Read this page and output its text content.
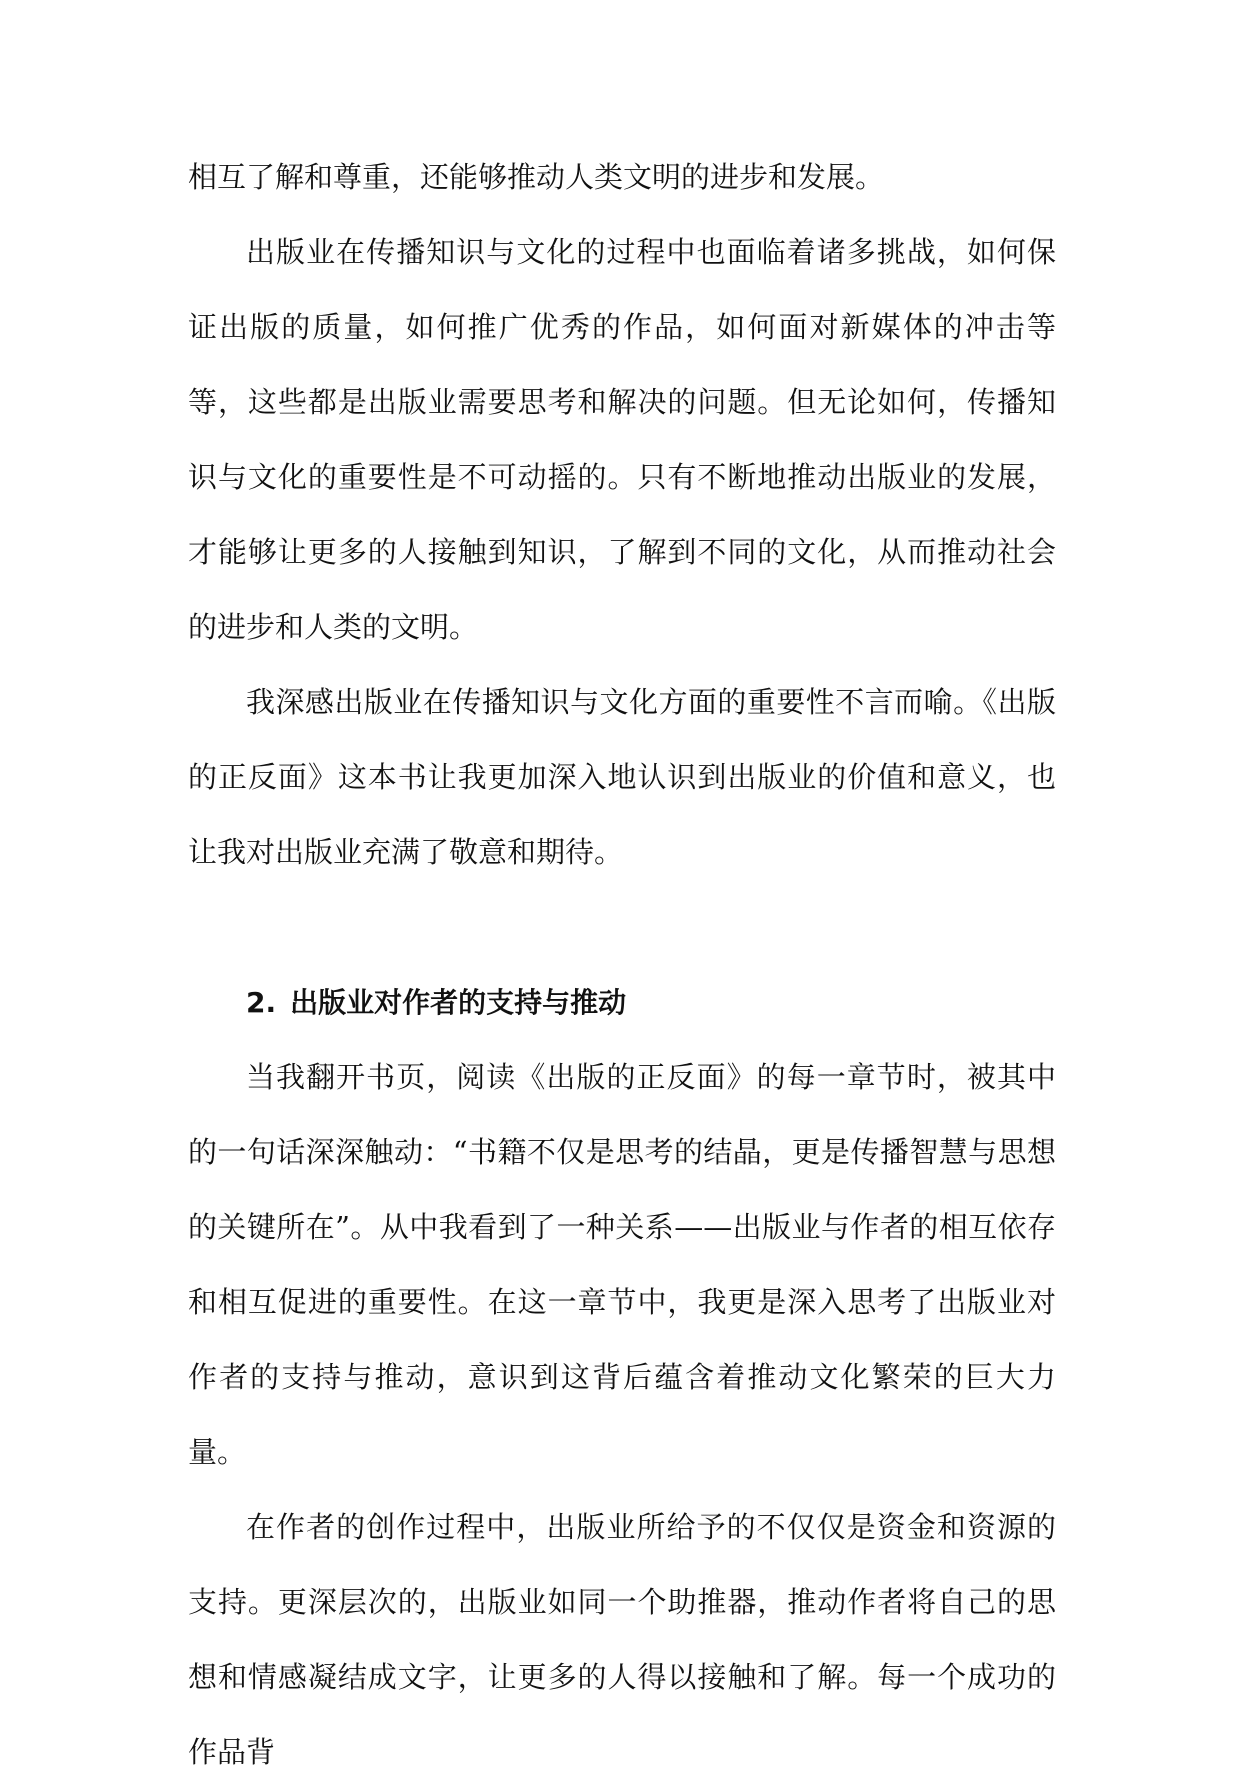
相互了解和尊重，还能够推动人类文明的进步和发展。

出版业在传播知识与文化的过程中也面临着诸多挑战，如何保证出版的质量，如何推广优秀的作品，如何面对新媒体的冲击等等，这些都是出版业需要思考和解决的问题。但无论如何，传播知识与文化的重要性是不可动摇的。只有不断地推动出版业的发展，才能够让更多的人接触到知识，了解到不同的文化，从而推动社会的进步和人类的文明。

我深感出版业在传播知识与文化方面的重要性不言而喻。《出版的正反面》这本书让我更加深入地认识到出版业的价值和意义，也让我对出版业充满了敬意和期待。

2. 出版业对作者的支持与推动

当我翻开书页，阅读《出版的正反面》的每一章节时，被其中的一句话深深触动：“书籍不仅是思考的结晶，更是传播智慧与思想的关键所在”。从中我看到了一种关系——出版业与作者的相互依存和相互促进的重要性。在这一章节中，我更是深入思考了出版业对作者的支持与推动，意识到这背后蕴含着推动文化繁荣的巨大力量。

在作者的创作过程中，出版业所给予的不仅仅是资金和资源的支持。更深层次的，出版业如同一个助推器，推动作者将自己的思想和情感凝结成文字，让更多的人得以接触和了解。每一个成功的作品背
